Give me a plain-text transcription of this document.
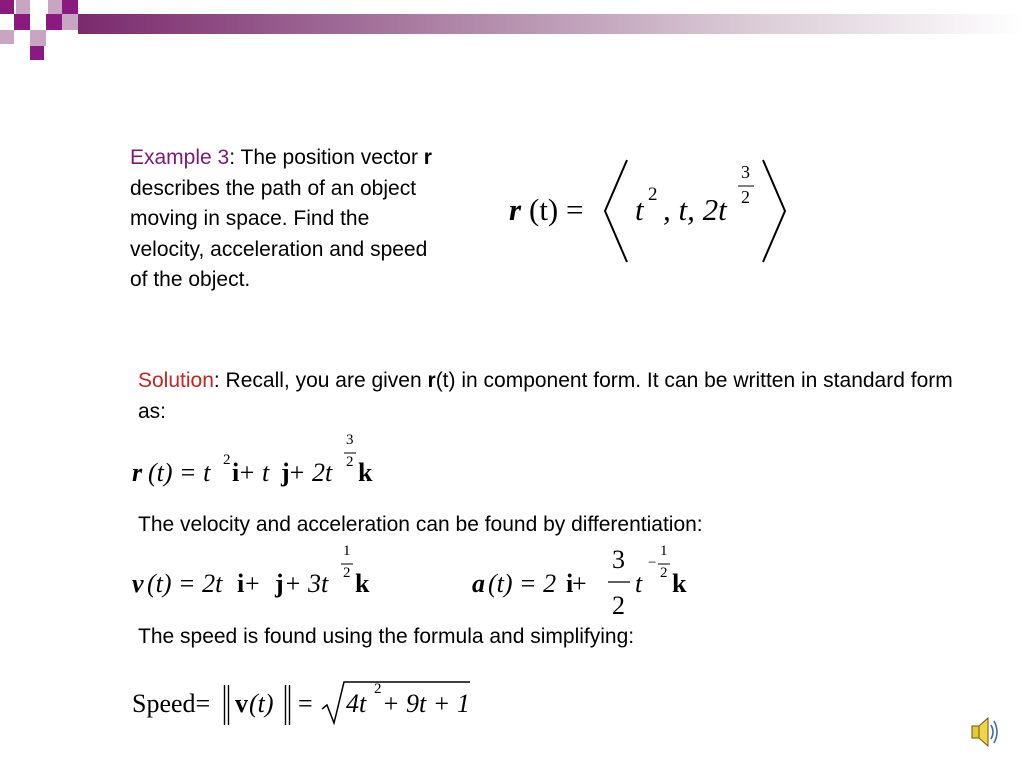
Example 3: The position vector r describes the path of an object moving in space. Find the velocity, acceleration and speed of the object.
r (t) = t 2 , t, 2t
3
2
Solution: Recall, you are given r(t) in component form. It can be written in standard form as:
r (t) = t 2 i
+ t j
+ 2t
3
2 k
The velocity and acceleration can be found by differentiation:
v (t) = 2t i + j + 3t
1
2 k	a (t) = 2 i
+
3
2
t
−
1
2 k
The speed is found using the formula and simplifying:
Speed= v (t) = 4t 2 + 9t + 1
